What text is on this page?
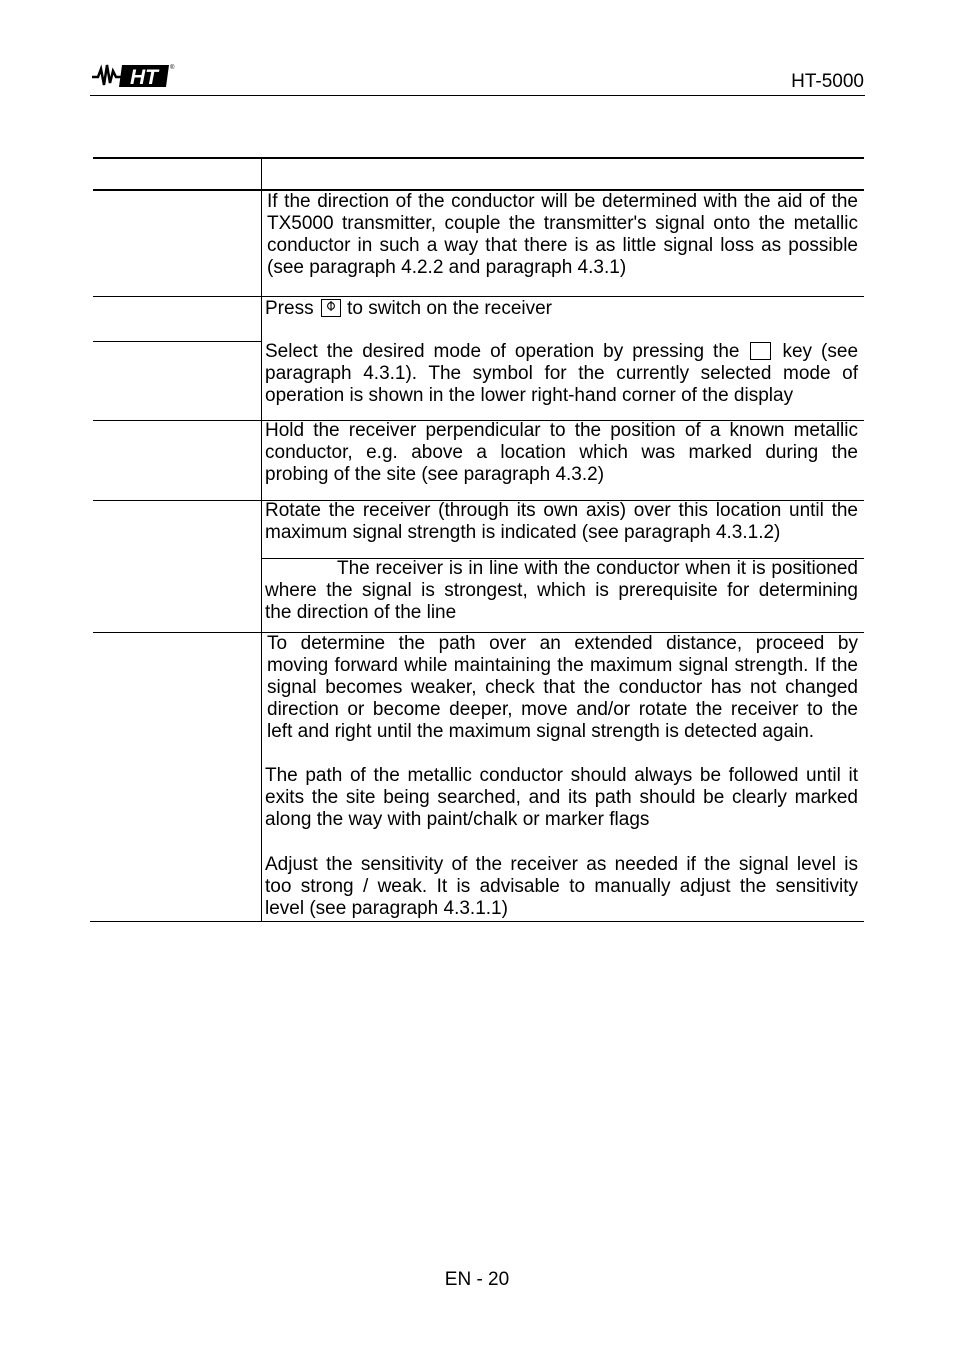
HT	®
HT-5000
If the direction of the conductor will be determined with the aid of the
TX5000 transmitter, couple the transmitter's signal onto the metallic
conductor in such a way that there is as little signal loss as possible
(see paragraph 4.2.2 and paragraph 4.3.1)
Press to switch on the receiver
Select the desired mode of operation by pressing the key (see
paragraph 4.3.1). The symbol for the currently selected mode of
operation is shown in the lower right-hand corner of the display
Hold the receiver perpendicular to the position of a known metallic
conductor, e.g. above a location which was marked during the
probing of the site (see paragraph 4.3.2)
Rotate the receiver (through its own axis) over this location until the
maximum signal strength is indicated (see paragraph 4.3.1.2)
The receiver is in line with the conductor when it is positioned
where the signal is strongest, which is prerequisite for determining
the direction of the line
To determine the path over an extended distance, proceed by
moving forward while maintaining the maximum signal strength. If the
signal becomes weaker, check that the conductor has not changed
direction or become deeper, move and/or rotate the receiver to the
left and right until the maximum signal strength is detected again.
The path of the metallic conductor should always be followed until it
exits the site being searched, and its path should be clearly marked
along the way with paint/chalk or marker flags
Adjust the sensitivity of the receiver as needed if the signal level is
too strong / weak. It is advisable to manually adjust the sensitivity
level (see paragraph 4.3.1.1)
EN - 20
